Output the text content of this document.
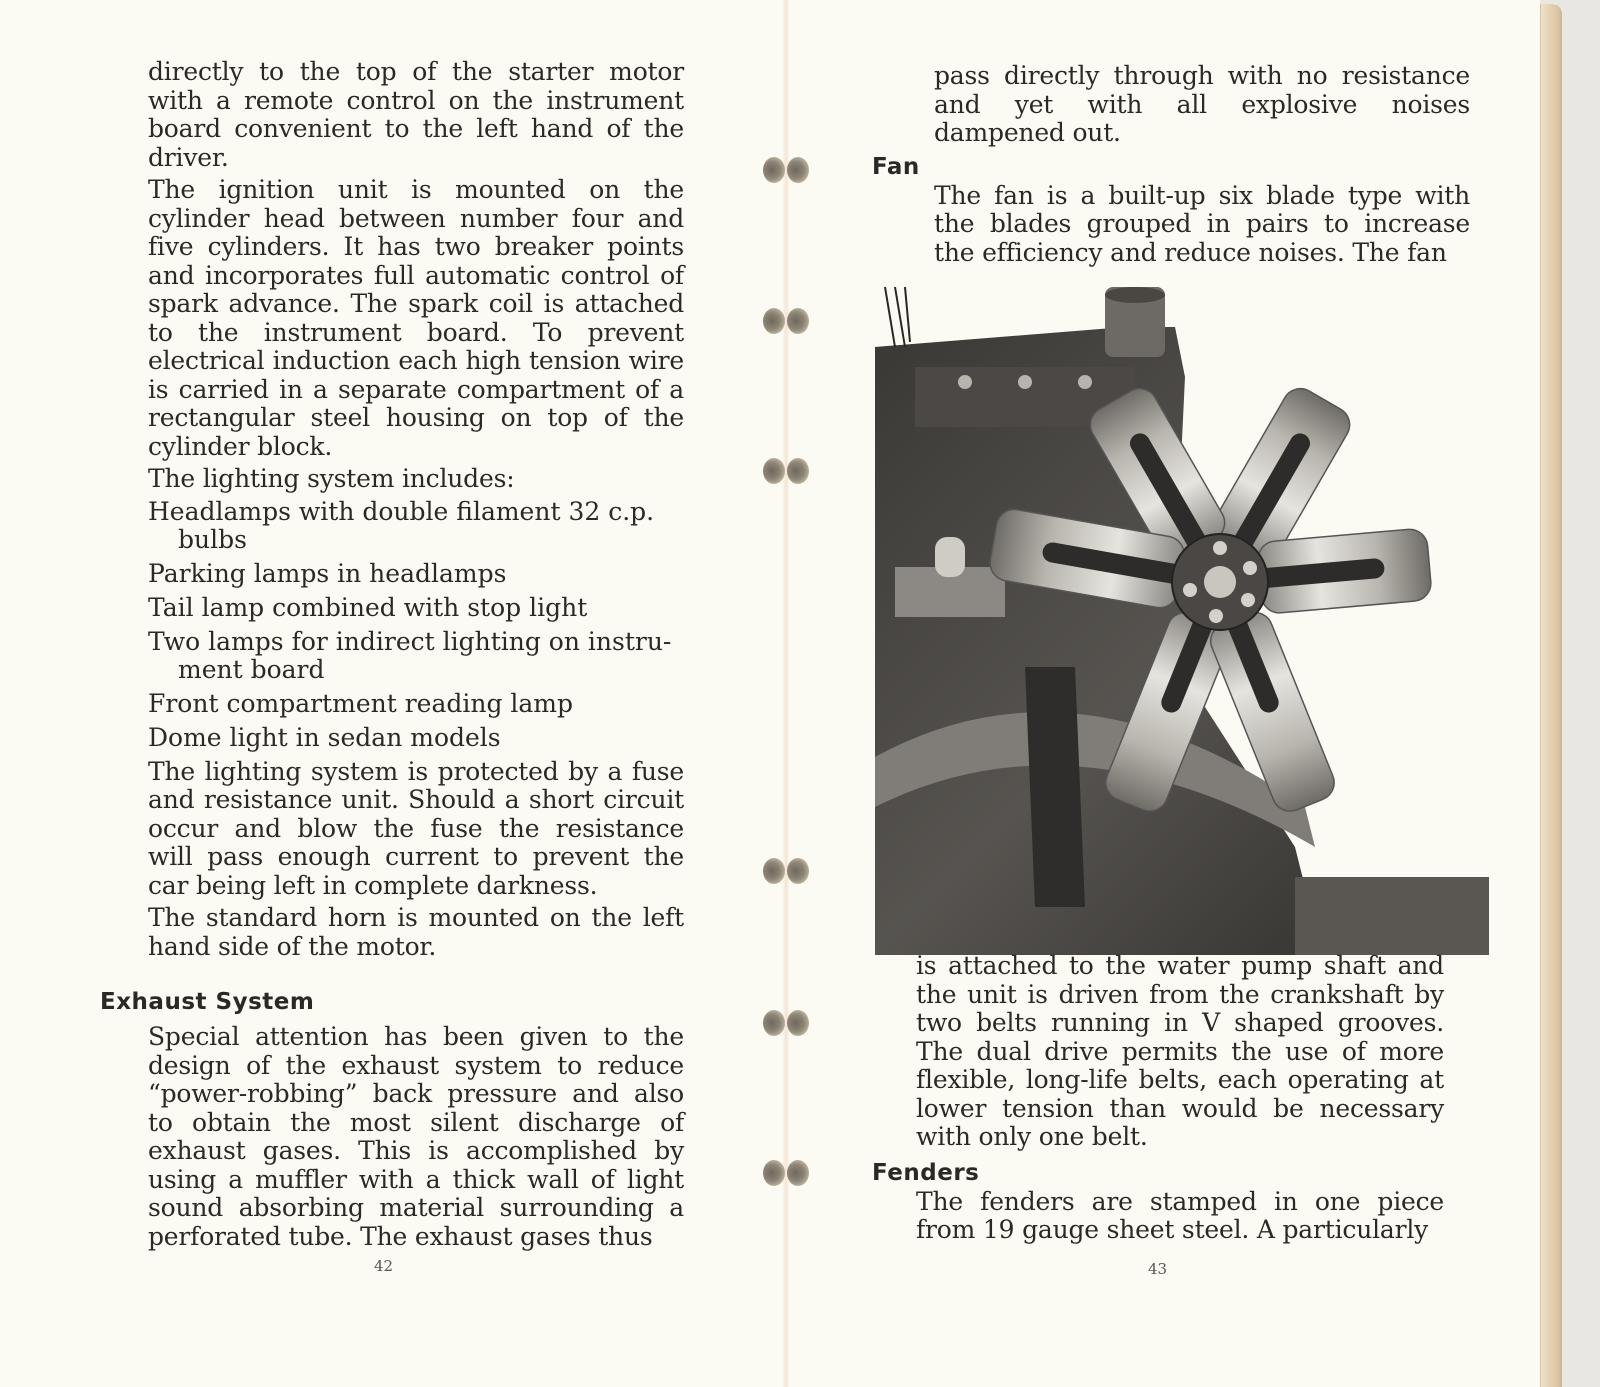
directly to the top of the starter motor with a remote control on the instrument board convenient to the left hand of the driver.

The ignition unit is mounted on the cylinder head between number four and five cylinders. It has two breaker points and incorporates full automatic control of spark advance. The spark coil is attached to the instrument board. To prevent electrical induction each high tension wire is carried in a separate compartment of a rectangular steel housing on top of the cylinder block.

The lighting system includes:

Headlamps with double filament 32 c.p.
bulbs
Parking lamps in headlamps
Tail lamp combined with stop light
Two lamps for indirect lighting on instru-
ment board
Front compartment reading lamp
Dome light in sedan models

The lighting system is protected by a fuse and resistance unit. Should a short circuit occur and blow the fuse the resistance will pass enough current to prevent the car being left in complete darkness.

The standard horn is mounted on the left hand side of the motor.

Exhaust System

Special attention has been given to the design of the exhaust system to reduce “power-robbing” back pressure and also to obtain the most silent discharge of exhaust gases. This is accomplished by using a muffler with a thick wall of light sound absorbing material surrounding a perforated tube. The exhaust gases thus

42

pass directly through with no resistance and yet with all explosive noises dampened out.

Fan

The fan is a built-up six blade type with the blades grouped in pairs to increase the efficiency and reduce noises. The fan

is attached to the water pump shaft and the unit is driven from the crankshaft by two belts running in V shaped grooves. The dual drive permits the use of more flexible, long-life belts, each operating at lower tension than would be necessary with only one belt.

Fenders

The fenders are stamped in one piece from 19 gauge sheet steel. A particularly

43
